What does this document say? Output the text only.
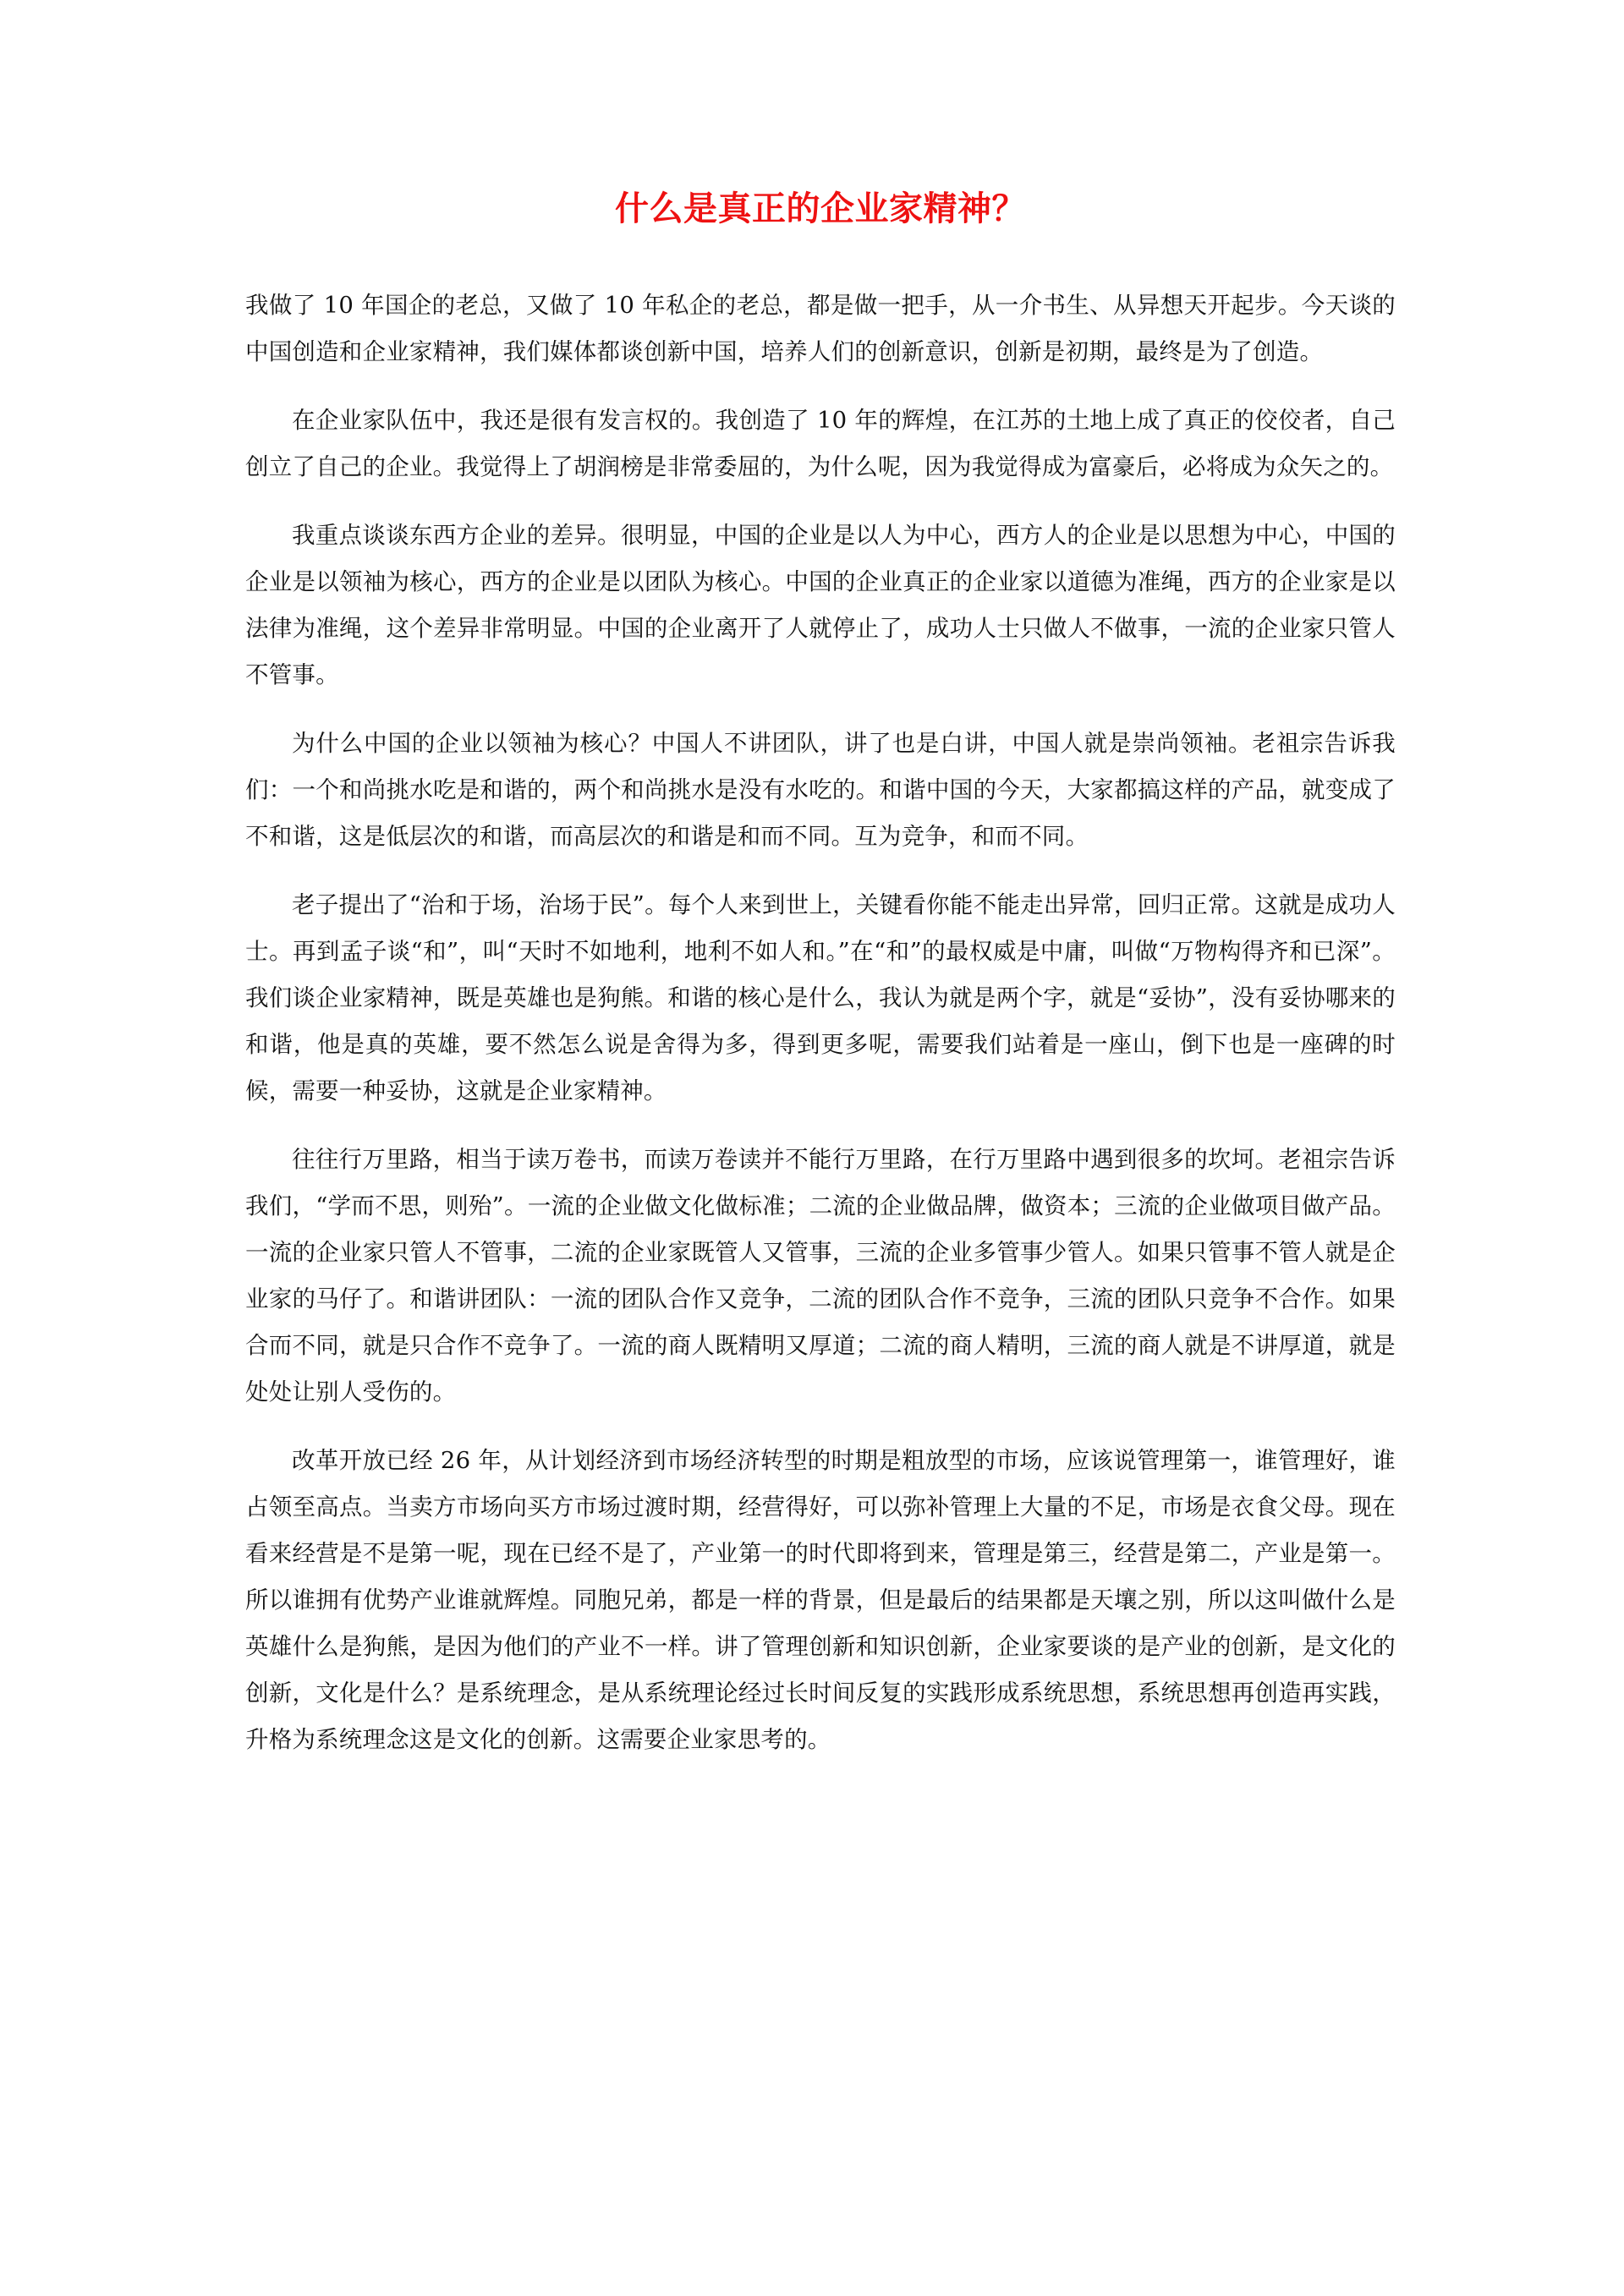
什么是真正的企业家精神？

我做了 10 年国企的老总，又做了 10 年私企的老总，都是做一把手，从一介书生、从异想天开起步。今天谈的中国创造和企业家精神，我们媒体都谈创新中国，培养人们的创新意识，创新是初期，最终是为了创造。

在企业家队伍中，我还是很有发言权的。我创造了 10 年的辉煌，在江苏的土地上成了真正的佼佼者，自己创立了自己的企业。我觉得上了胡润榜是非常委屈的，为什么呢，因为我觉得成为富豪后，必将成为众矢之的。

我重点谈谈东西方企业的差异。很明显，中国的企业是以人为中心，西方人的企业是以思想为中心，中国的企业是以领袖为核心，西方的企业是以团队为核心。中国的企业真正的企业家以道德为准绳，西方的企业家是以法律为准绳，这个差异非常明显。中国的企业离开了人就停止了，成功人士只做人不做事，一流的企业家只管人不管事。

为什么中国的企业以领袖为核心？中国人不讲团队，讲了也是白讲，中国人就是崇尚领袖。老祖宗告诉我们：一个和尚挑水吃是和谐的，两个和尚挑水是没有水吃的。和谐中国的今天，大家都搞这样的产品，就变成了不和谐，这是低层次的和谐，而高层次的和谐是和而不同。互为竞争，和而不同。

老子提出了“治和于场，治场于民”。每个人来到世上，关键看你能不能走出异常，回归正常。这就是成功人士。再到孟子谈“和”，叫“天时不如地利，地利不如人和。”在“和”的最权威是中庸，叫做“万物构得齐和已深”。我们谈企业家精神，既是英雄也是狗熊。和谐的核心是什么，我认为就是两个字，就是“妥协”，没有妥协哪来的和谐，他是真的英雄，要不然怎么说是舍得为多，得到更多呢，需要我们站着是一座山，倒下也是一座碑的时候，需要一种妥协，这就是企业家精神。

往往行万里路，相当于读万卷书，而读万卷读并不能行万里路，在行万里路中遇到很多的坎坷。老祖宗告诉我们，“学而不思，则殆”。一流的企业做文化做标准；二流的企业做品牌，做资本；三流的企业做项目做产品。一流的企业家只管人不管事，二流的企业家既管人又管事，三流的企业多管事少管人。如果只管事不管人就是企业家的马仔了。和谐讲团队：一流的团队合作又竞争，二流的团队合作不竞争，三流的团队只竞争不合作。如果合而不同，就是只合作不竞争了。一流的商人既精明又厚道；二流的商人精明，三流的商人就是不讲厚道，就是处处让别人受伤的。

改革开放已经 26 年，从计划经济到市场经济转型的时期是粗放型的市场，应该说管理第一，谁管理好，谁占领至高点。当卖方市场向买方市场过渡时期，经营得好，可以弥补管理上大量的不足，市场是衣食父母。现在看来经营是不是第一呢，现在已经不是了，产业第一的时代即将到来，管理是第三，经营是第二，产业是第一。所以谁拥有优势产业谁就辉煌。同胞兄弟，都是一样的背景，但是最后的结果都是天壤之别，所以这叫做什么是英雄什么是狗熊，是因为他们的产业不一样。讲了管理创新和知识创新，企业家要谈的是产业的创新，是文化的创新，文化是什么？是系统理念，是从系统理论经过长时间反复的实践形成系统思想，系统思想再创造再实践，升格为系统理念这是文化的创新。这需要企业家思考的。
